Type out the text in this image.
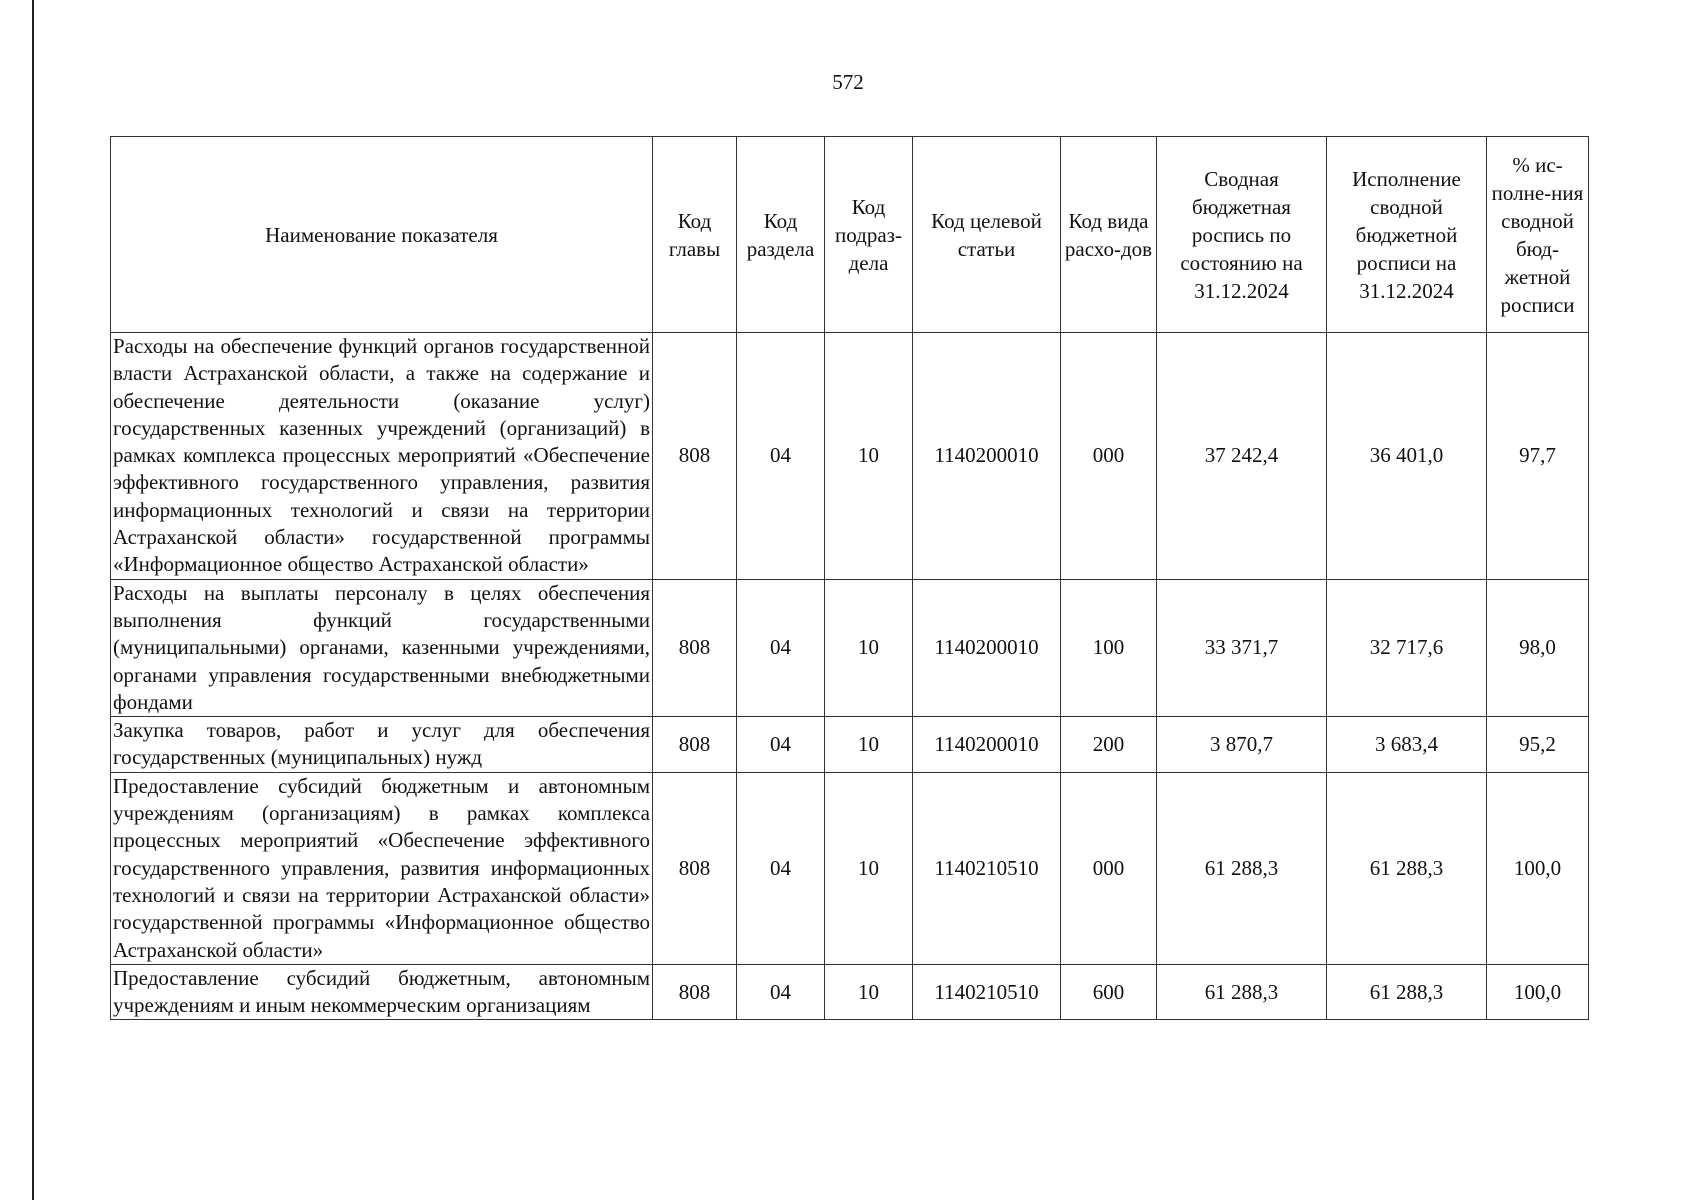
572
Наименование показателя	Код главы	Код раздела	Код подраз-дела	Код целевой статьи	Код вида расхо-дов	Сводная бюджетная роспись по состоянию на 31.12.2024	Исполнение сводной бюджетной росписи на 31.12.2024	% ис-полне-ния сводной бюд-жетной росписи
Расходы на обеспечение функций органов государственной власти Астраханской области, а также на содержание и обеспечение деятельности (оказание услуг) государственных казенных учреждений (организаций) в рамках комплекса процессных мероприятий «Обеспечение эффективного государственного управления, развития информационных технологий и связи на территории Астраханской области» государственной программы «Информационное общество Астраханской области»	808	04	10	1140200010	000	37 242,4	36 401,0	97,7
Расходы на выплаты персоналу в целях обеспечения выполнения функций государственными (муниципальными) органами, казенными учреждениями, органами управления государственными внебюджетными фондами	808	04	10	1140200010	100	33 371,7	32 717,6	98,0
Закупка товаров, работ и услуг для обеспечения государственных (муниципальных) нужд	808	04	10	1140200010	200	3 870,7	3 683,4	95,2
Предоставление субсидий бюджетным и автономным учреждениям (организациям) в рамках комплекса процессных мероприятий «Обеспечение эффективного государственного управления, развития информационных технологий и связи на территории Астраханской области» государственной программы «Информационное общество Астраханской области»	808	04	10	1140210510	000	61 288,3	61 288,3	100,0
Предоставление субсидий бюджетным, автономным учреждениям и иным некоммерческим организациям	808	04	10	1140210510	600	61 288,3	61 288,3	100,0
